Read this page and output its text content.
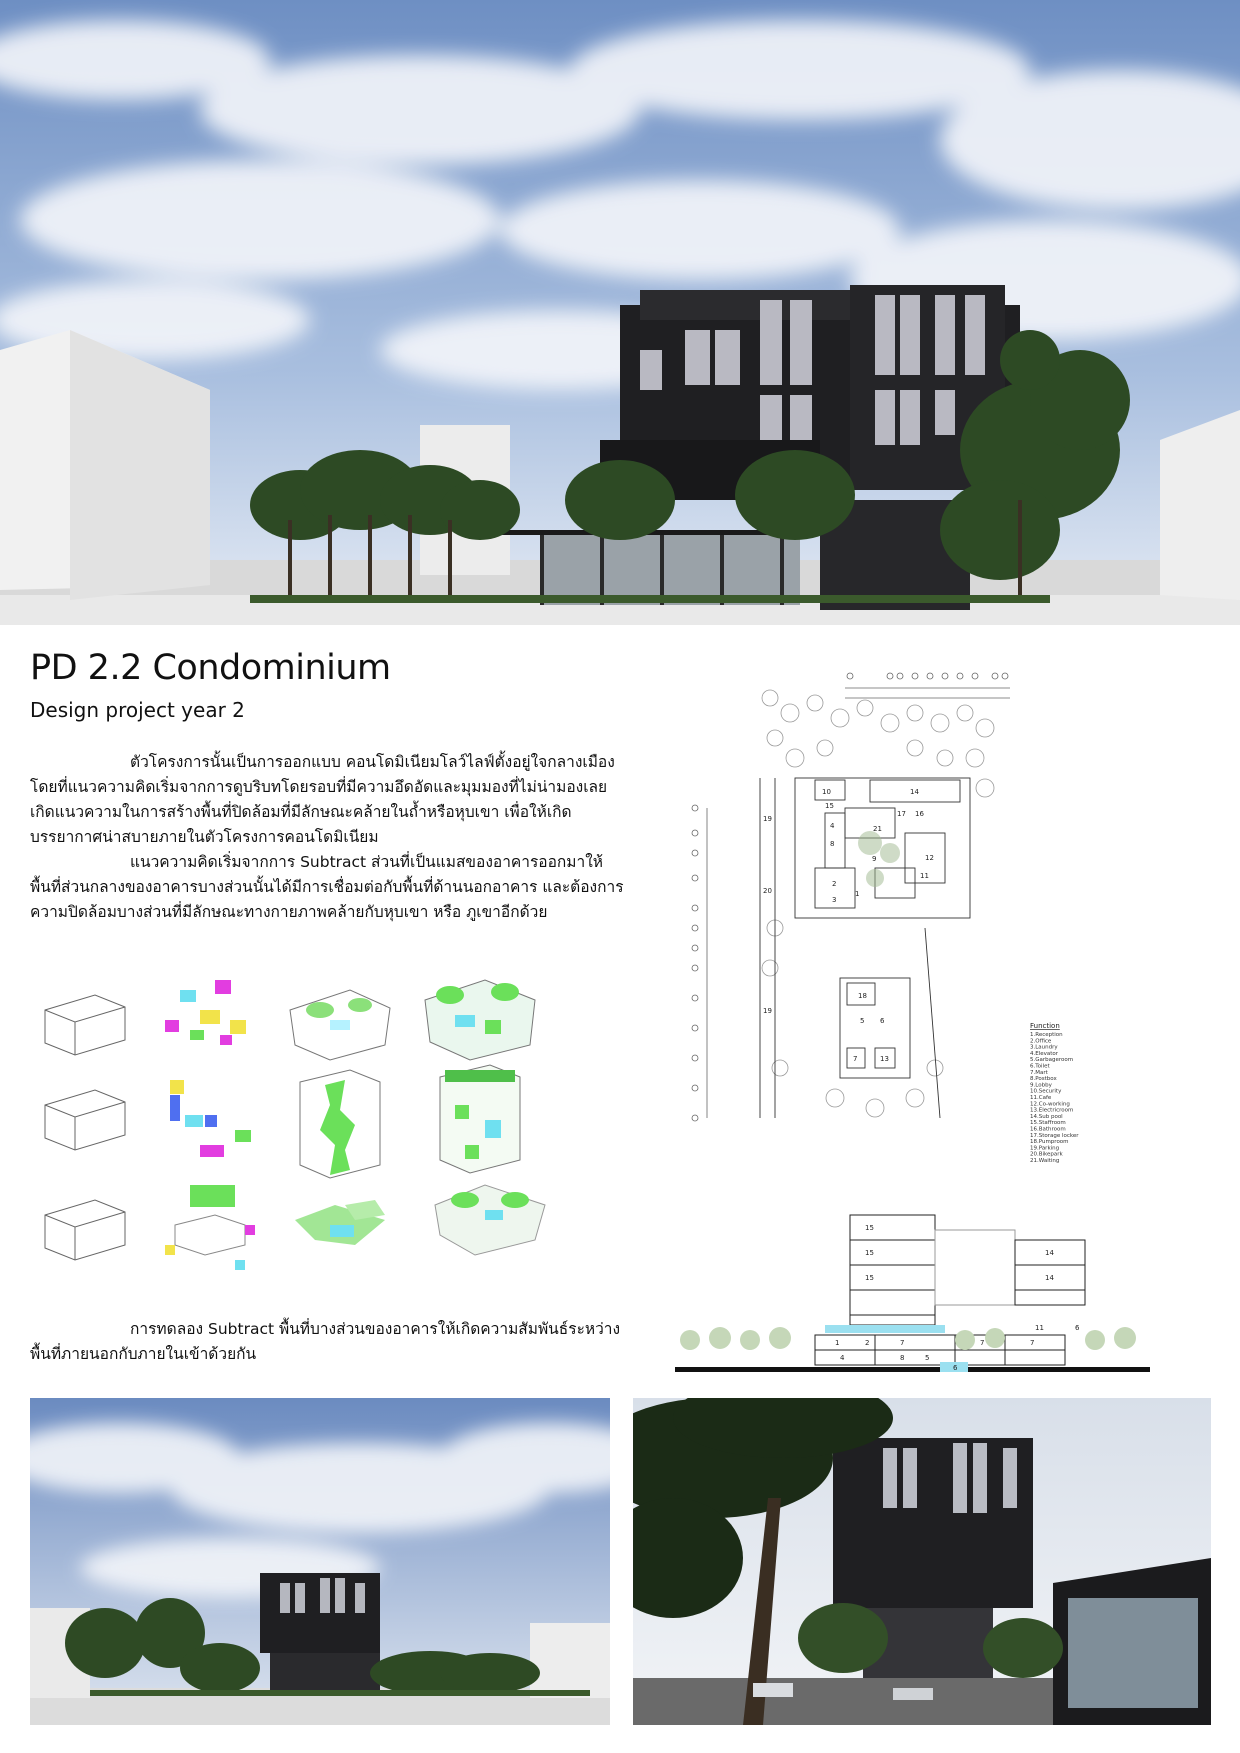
PD 2.2 Condominium
Design project year 2
ตัวโครงการนั้นเป็นการออกแบบ คอนโดมิเนียมโลว์ไลฟ์ตั้งอยู่ใจกลางเมือง โดยที่แนวความคิดเริ่มจากการดูบริบทโดยรอบที่มีความอึดอัดและมุมมองที่ไม่น่ามองเลยเกิดแนวความในการสร้างพื้นที่ปิดล้อมที่มีลักษณะคล้ายในถ้ำหรือหุบเขา เพื่อให้เกิดบรรยากาศน่าสบายภายในตัวโครงการคอนโดมิเนียม
แนวความคิดเริ่มจากการ Subtract ส่วนที่เป็นแมสของอาคารออกมาให้พื้นที่ส่วนกลางของอาคารบางส่วนนั้นได้มีการเชื่อมต่อกับพื้นที่ด้านนอกอาคาร และต้องการความปิดล้อมบางส่วนที่มีลักษณะทางกายภาพคล้ายกับหุบเขา หรือ ภูเขาอีกด้วย
การทดลอง Subtract พื้นที่บางส่วนของอาคารให้เกิดความสัมพันธ์ระหว่างพื้นที่ภายนอกกับภายในเข้าด้วยกัน
10	14
15
17 16
21
12
19
20
19
9
2
3
1
8
11
4
5 6
7	13
18
Function
1.Reception
2.Office
3.Laundry
4.Elevator
5.Garbageroom
6.Toilet
7.Mart
8.Postbox
9.Lobby
10.Security
11.Cafe
12.Co-working
13.Electricroom
14.Sub pool
15.Staffroom
16.Bathroom
17.Storage locker
18.Pumproom
19.Parking
20.Bikepark
21.Waiting
15
15
15
14
14
11	6
7	7
2
1	7
8
4	5
6
